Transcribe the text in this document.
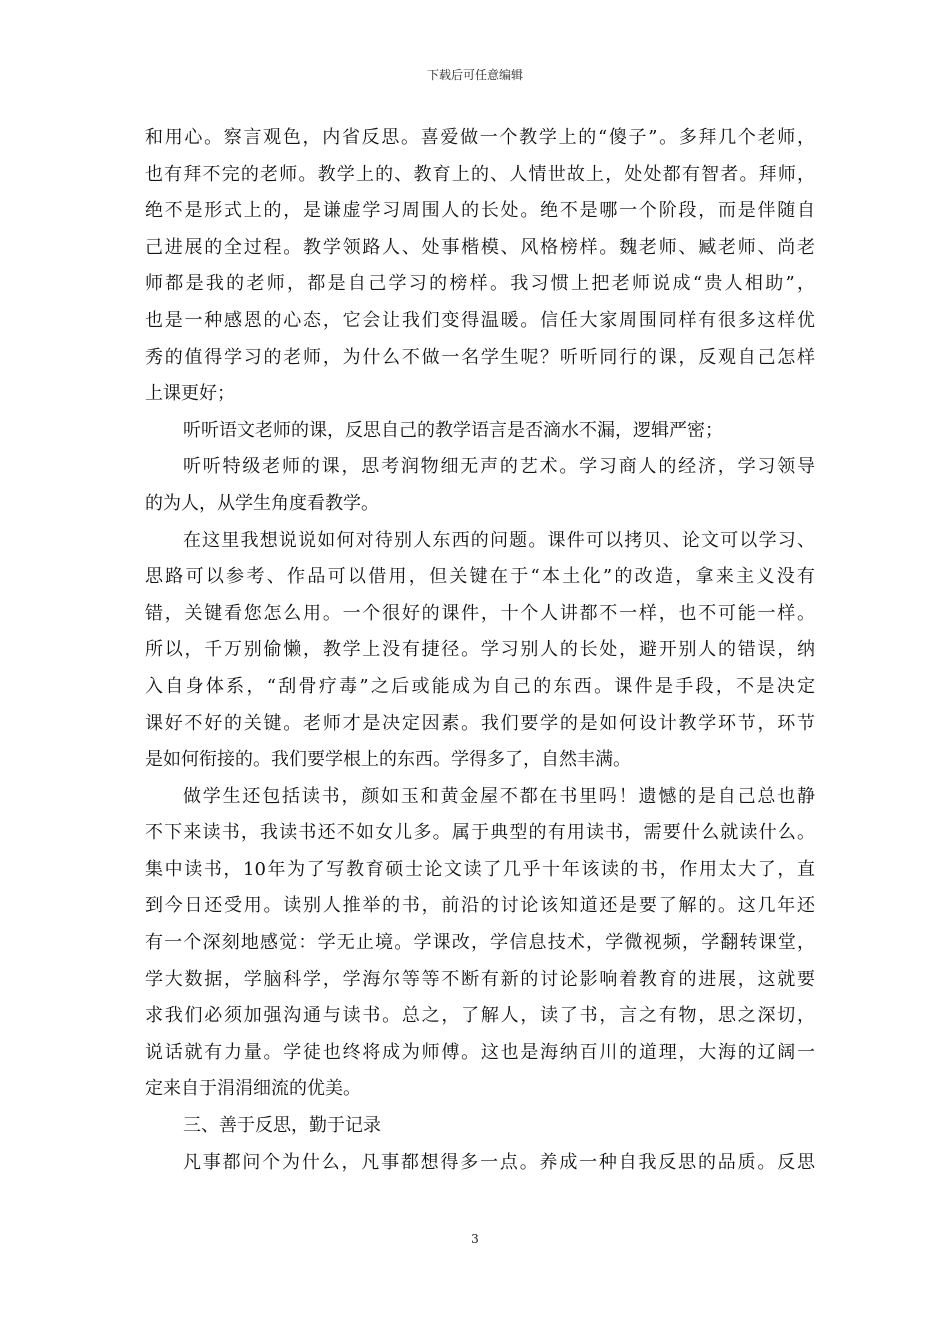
下载后可任意编辑
和用心。察言观色，内省反思。喜爱做一个教学上的“傻子”。多拜几个老师，
也有拜不完的老师。教学上的、教育上的、人情世故上，处处都有智者。拜师，
绝不是形式上的，是谦虚学习周围人的长处。绝不是哪一个阶段，而是伴随自
己进展的全过程。教学领路人、处事楷模、风格榜样。魏老师、臧老师、尚老
师都是我的老师，都是自己学习的榜样。我习惯上把老师说成“贵人相助”，
也是一种感恩的心态，它会让我们变得温暖。信任大家周围同样有很多这样优
秀的值得学习的老师，为什么不做一名学生呢？听听同行的课，反观自己怎样
上课更好；
听听语文老师的课，反思自己的教学语言是否滴水不漏，逻辑严密；
听听特级老师的课，思考润物细无声的艺术。学习商人的经济，学习领导
的为人，从学生角度看教学。
在这里我想说说如何对待别人东西的问题。课件可以拷贝、论文可以学习、
思路可以参考、作品可以借用，但关键在于“本土化”的改造，拿来主义没有
错，关键看您怎么用。一个很好的课件，十个人讲都不一样，也不可能一样。
所以，千万别偷懒，教学上没有捷径。学习别人的长处，避开别人的错误，纳
入自身体系，“刮骨疗毒”之后或能成为自己的东西。课件是手段，不是决定
课好不好的关键。老师才是决定因素。我们要学的是如何设计教学环节，环节
是如何衔接的。我们要学根上的东西。学得多了，自然丰满。
做学生还包括读书，颜如玉和黄金屋不都在书里吗！遗憾的是自己总也静
不下来读书，我读书还不如女儿多。属于典型的有用读书，需要什么就读什么。
集中读书，10年为了写教育硕士论文读了几乎十年该读的书，作用太大了，直
到今日还受用。读别人推举的书，前沿的讨论该知道还是要了解的。这几年还
有一个深刻地感觉：学无止境。学课改，学信息技术，学微视频，学翻转课堂，
学大数据，学脑科学，学海尔等等不断有新的讨论影响着教育的进展，这就要
求我们必须加强沟通与读书。总之，了解人，读了书，言之有物，思之深切，
说话就有力量。学徒也终将成为师傅。这也是海纳百川的道理，大海的辽阔一
定来自于涓涓细流的优美。
三、善于反思，勤于记录
凡事都问个为什么，凡事都想得多一点。养成一种自我反思的品质。反思
3
